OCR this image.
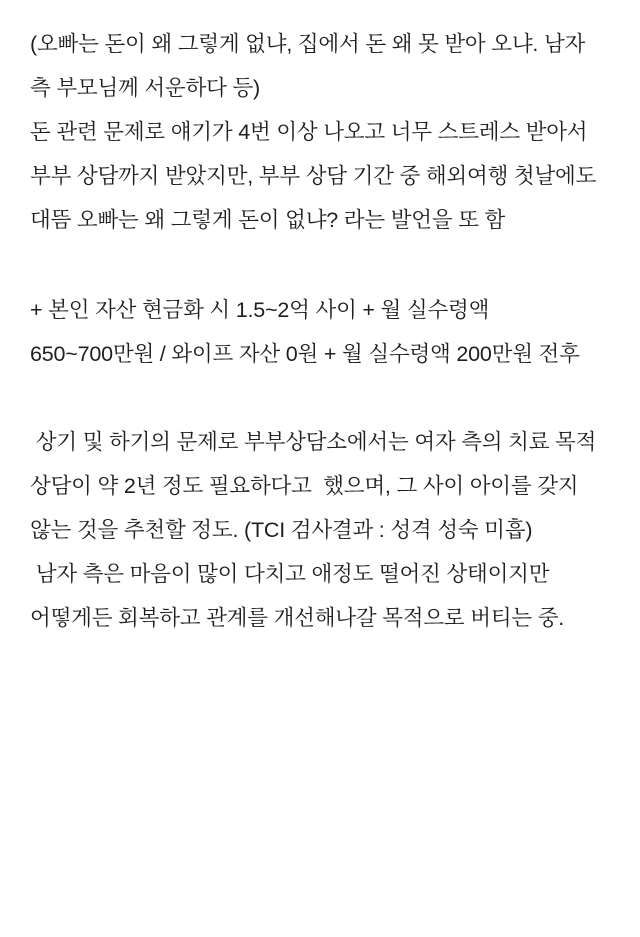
(오빠는 돈이 왜 그렇게 없냐, 집에서 돈 왜 못 받아 오냐. 남자 측 부모님께 서운하다 등)

돈 관련 문제로 얘기가 4번 이상 나오고 너무 스트레스 받아서 부부 상담까지 받았지만, 부부 상담 기간 중 해외여행 첫날에도 대뜸 오빠는 왜 그렇게 돈이 없냐? 라는 발언을 또 함

+ 본인 자산 현금화 시 1.5~2억 사이 + 월 실수령액 650~700만원 / 와이프 자산 0원 + 월 실수령액 200만원 전후

상기 및 하기의 문제로 부부상담소에서는 여자 측의 치료 목적 상담이 약 2년 정도 필요하다고  했으며, 그 사이 아이를 갖지 않는 것을 추천할 정도. (TCI 검사결과 : 성격 성숙 미흡)

남자 측은 마음이 많이 다치고 애정도 떨어진 상태이지만 어떻게든 회복하고 관계를 개선해나갈 목적으로 버티는 중.
